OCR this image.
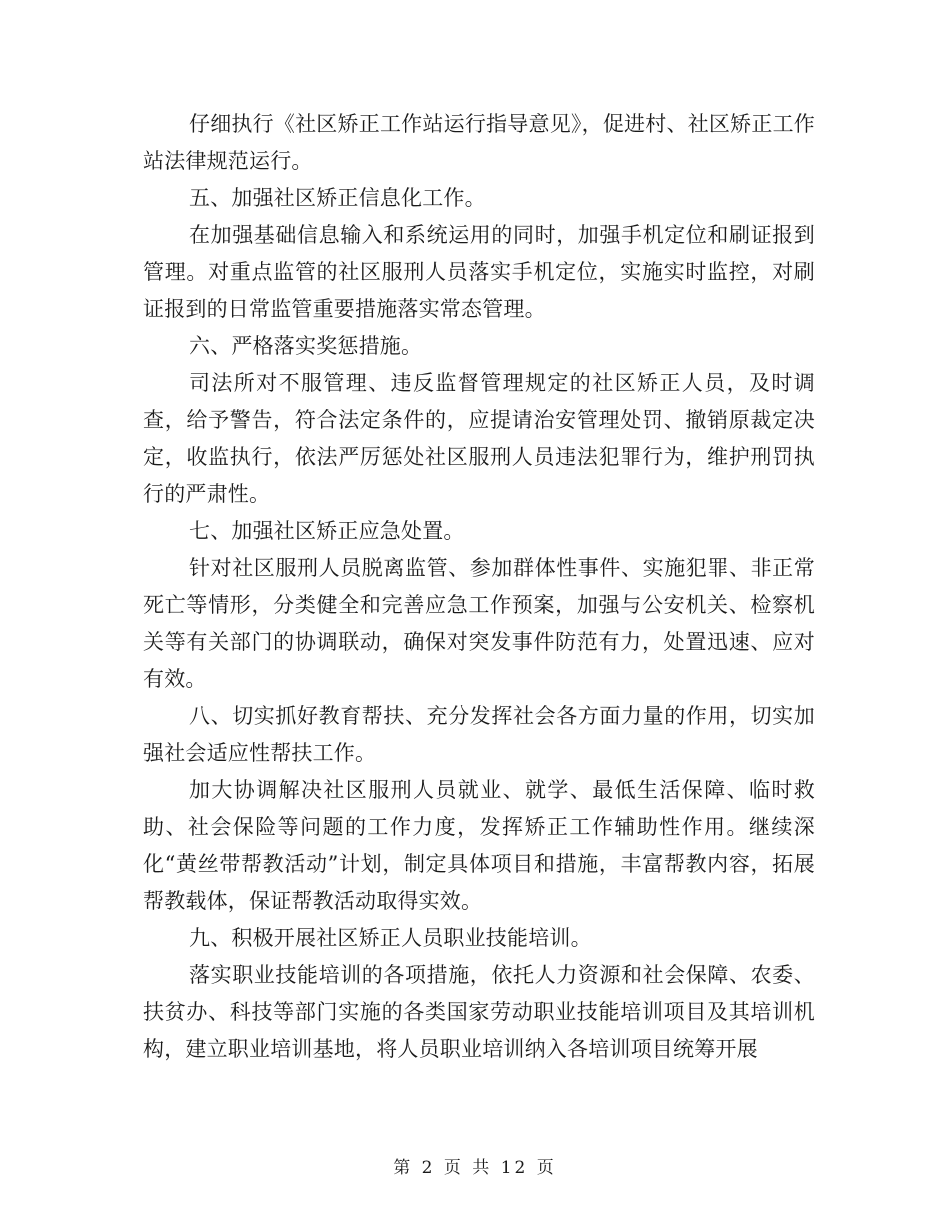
仔细执行《社区矫正工作站运行指导意见》，促进村、社区矫正工作站法律规范运行。

五、加强社区矫正信息化工作。

在加强基础信息输入和系统运用的同时，加强手机定位和刷证报到管理。对重点监管的社区服刑人员落实手机定位，实施实时监控，对刷证报到的日常监管重要措施落实常态管理。

六、严格落实奖惩措施。

司法所对不服管理、违反监督管理规定的社区矫正人员，及时调查，给予警告，符合法定条件的，应提请治安管理处罚、撤销原裁定决定，收监执行，依法严厉惩处社区服刑人员违法犯罪行为，维护刑罚执行的严肃性。

七、加强社区矫正应急处置。

针对社区服刑人员脱离监管、参加群体性事件、实施犯罪、非正常死亡等情形，分类健全和完善应急工作预案，加强与公安机关、检察机关等有关部门的协调联动，确保对突发事件防范有力，处置迅速、应对有效。

八、切实抓好教育帮扶、充分发挥社会各方面力量的作用，切实加强社会适应性帮扶工作。

加大协调解决社区服刑人员就业、就学、最低生活保障、临时救助、社会保险等问题的工作力度，发挥矫正工作辅助性作用。继续深化“黄丝带帮教活动”计划，制定具体项目和措施，丰富帮教内容，拓展帮教载体，保证帮教活动取得实效。

九、积极开展社区矫正人员职业技能培训。

落实职业技能培训的各项措施，依托人力资源和社会保障、农委、扶贫办、科技等部门实施的各类国家劳动职业技能培训项目及其培训机构，建立职业培训基地，将人员职业培训纳入各培训项目统筹开展

第 2 页 共 12 页
